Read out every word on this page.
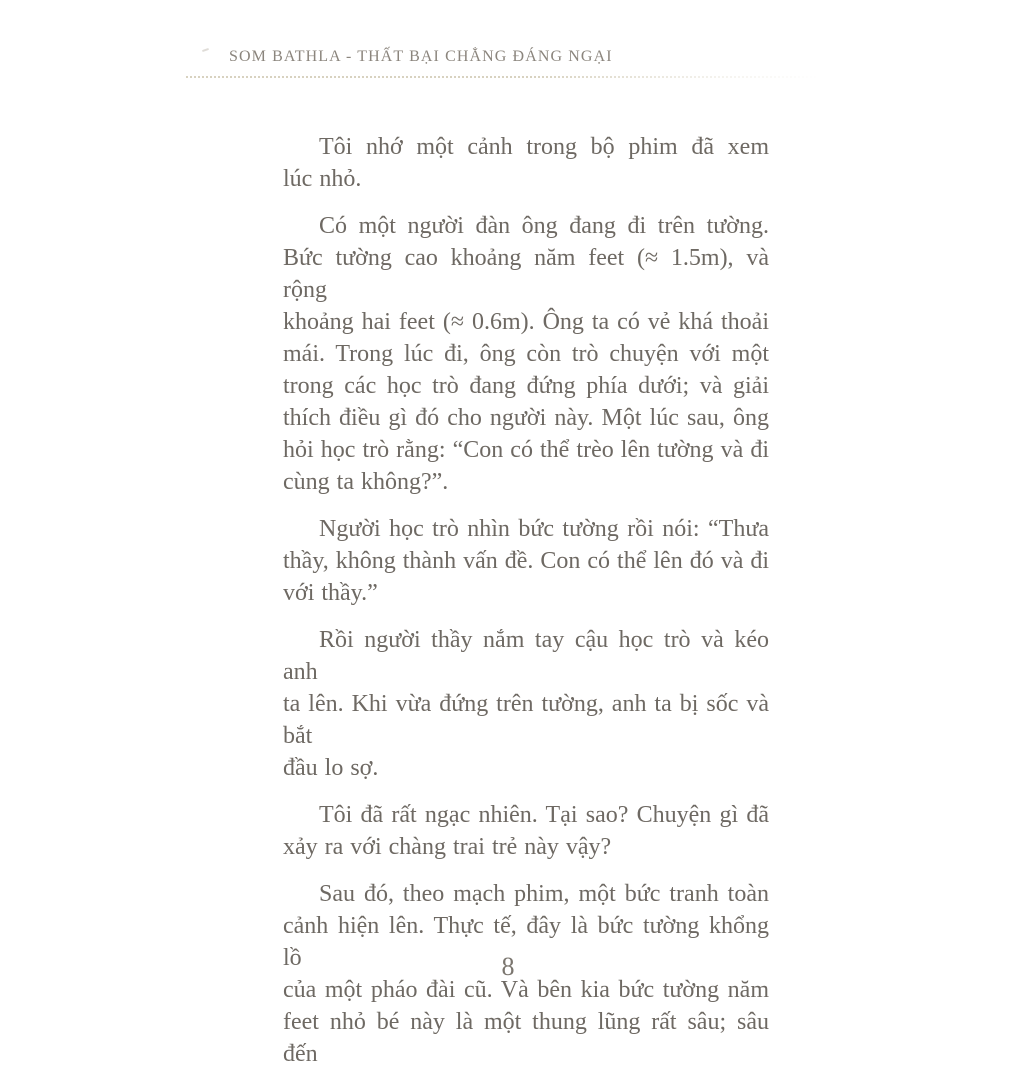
SOM BATHLA - THẤT BẠI CHẲNG ĐÁNG NGẠI
Tôi nhớ một cảnh trong bộ phim đã xem
lúc nhỏ.
Có một người đàn ông đang đi trên tường.
Bức tường cao khoảng năm feet (≈ 1.5m), và rộng
khoảng hai feet (≈ 0.6m). Ông ta có vẻ khá thoải
mái. Trong lúc đi, ông còn trò chuyện với một
trong các học trò đang đứng phía dưới; và giải
thích điều gì đó cho người này. Một lúc sau, ông
hỏi học trò rằng: “Con có thể trèo lên tường và đi
cùng ta không?”.
Người học trò nhìn bức tường rồi nói: “Thưa
thầy, không thành vấn đề. Con có thể lên đó và đi
với thầy.”
Rồi người thầy nắm tay cậu học trò và kéo anh
ta lên. Khi vừa đứng trên tường, anh ta bị sốc và bắt
đầu lo sợ.
Tôi đã rất ngạc nhiên. Tại sao? Chuyện gì đã
xảy ra với chàng trai trẻ này vậy?
Sau đó, theo mạch phim, một bức tranh toàn
cảnh hiện lên. Thực tế, đây là bức tường khổng lồ
của một pháo đài cũ. Và bên kia bức tường năm
feet nhỏ bé này là một thung lũng rất sâu; sâu đến
8
